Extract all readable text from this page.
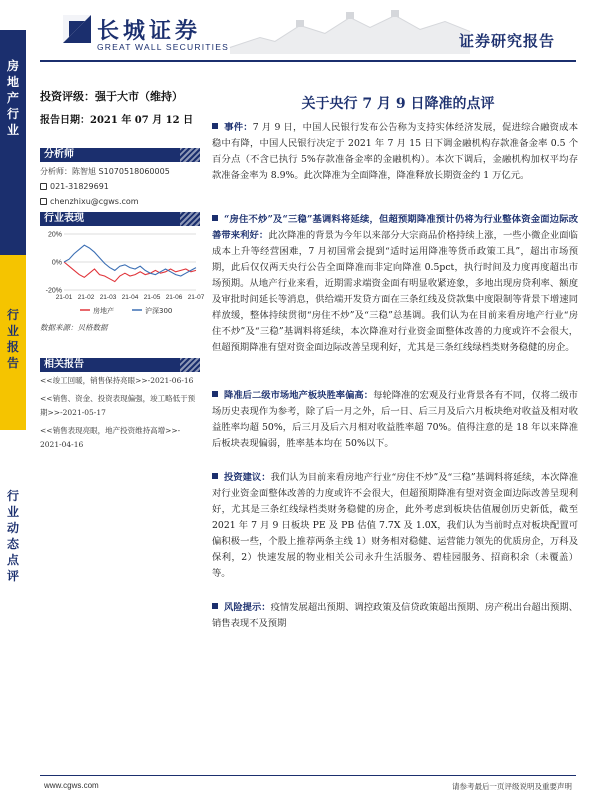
长城证券
GREAT WALL SECURITIES	证券研究报告
房
地
产
行
业
行
业
报
告
行
业
动
态
点
评
投资评级：强于大市（维持）
报告日期：2021 年 07 月 12 日
分析师
分析师：陈智旭 S1070518060005
021-31829691
chenzhixu@cgws.com
行业表现
20%
0%
-20%
21-01 21-02 21-03 21-04 21-05 21-06 21-07
房地产	沪深300
数据来源：贝格数据
相关报告
<<竣工回暖，销售保持亮眼>>-2021-06-16
<<销售、资金、投资表现偏强，竣工略低于预期>>-2021-05-17
<<销售表现亮眼，地产投资维持高增>>-2021-04-16
关于央行 7 月 9 日降准的点评
事件：7 月 9 日，中国人民银行发布公告称为支持实体经济发展，促进综合融资成本稳中有降，中国人民银行决定于 2021 年 7 月 15 日下调金融机构存款准备金率 0.5 个百分点（不含已执行 5%存款准备金率的金融机构）。本次下调后，金融机构加权平均存款准备金率为 8.9%。此次降准为全面降准，降准释放长期资金约 1 万亿元。
“房住不炒”及“三稳”基调料将延续，但超预期降准预计仍将为行业整体资金面边际改善带来利好：此次降准的背景为今年以来部分大宗商品价格持续上涨，一些小微企业面临成本上升等经营困难，7 月初国常会提到“适时运用降准等货币政策工具”，超出市场预期，此后仅仅两天央行公告全面降准而非定向降准 0.5pct，执行时间及力度再度超出市场预期。从地产行业来看，近期需求端资金面有明显收紧迹象，多地出现房贷利率、额度及审批时间延长等消息，供给端开发贷方面在三条红线及贷款集中度限制等背景下增速同样放缓，整体持续贯彻“房住不炒”及“三稳”总基调。我们认为在目前来看房地产行业“房住不炒”及“三稳”基调料将延续，本次降准对行业资金面整体改善的力度或许不会很大，但超预期降准有望对资金面边际改善呈现利好，尤其是三条红线绿档类财务稳健的房企。
降准后二级市场地产板块胜率偏高：每轮降准的宏观及行业背景各有不同，仅将二级市场历史表现作为参考，除了后一月之外，后一日、后三月及后六月板块绝对收益及相对收益胜率均超 50%，后三月及后六月相对收益胜率超 70%。值得注意的是 18 年以来降准后板块表现偏弱，胜率基本均在 50%以下。
投资建议：我们认为目前来看房地产行业“房住不炒”及“三稳”基调料将延续，本次降准对行业资金面整体改善的力度或许不会很大，但超预期降准有望对资金面边际改善呈现利好，尤其是三条红线绿档类财务稳健的房企，此外考虑到板块估值履创历史新低，截至 2021 年 7 月 9 日板块 PE 及 PB 估值 7.7X 及 1.0X，我们认为当前时点对板块配置可偏积极一些，个股上推荐两条主线 1）财务相对稳健、运营能力领先的优质房企，万科及保利，2）快速发展的物业相关公司永升生活服务、碧桂园服务、招商积余（未覆盖）等。
风险提示：疫情发展超出预期、调控政策及信贷政策超出预期、房产税出台超出预期、销售表现不及预期
www.cgws.com	请参考最后一页评级说明及重要声明
